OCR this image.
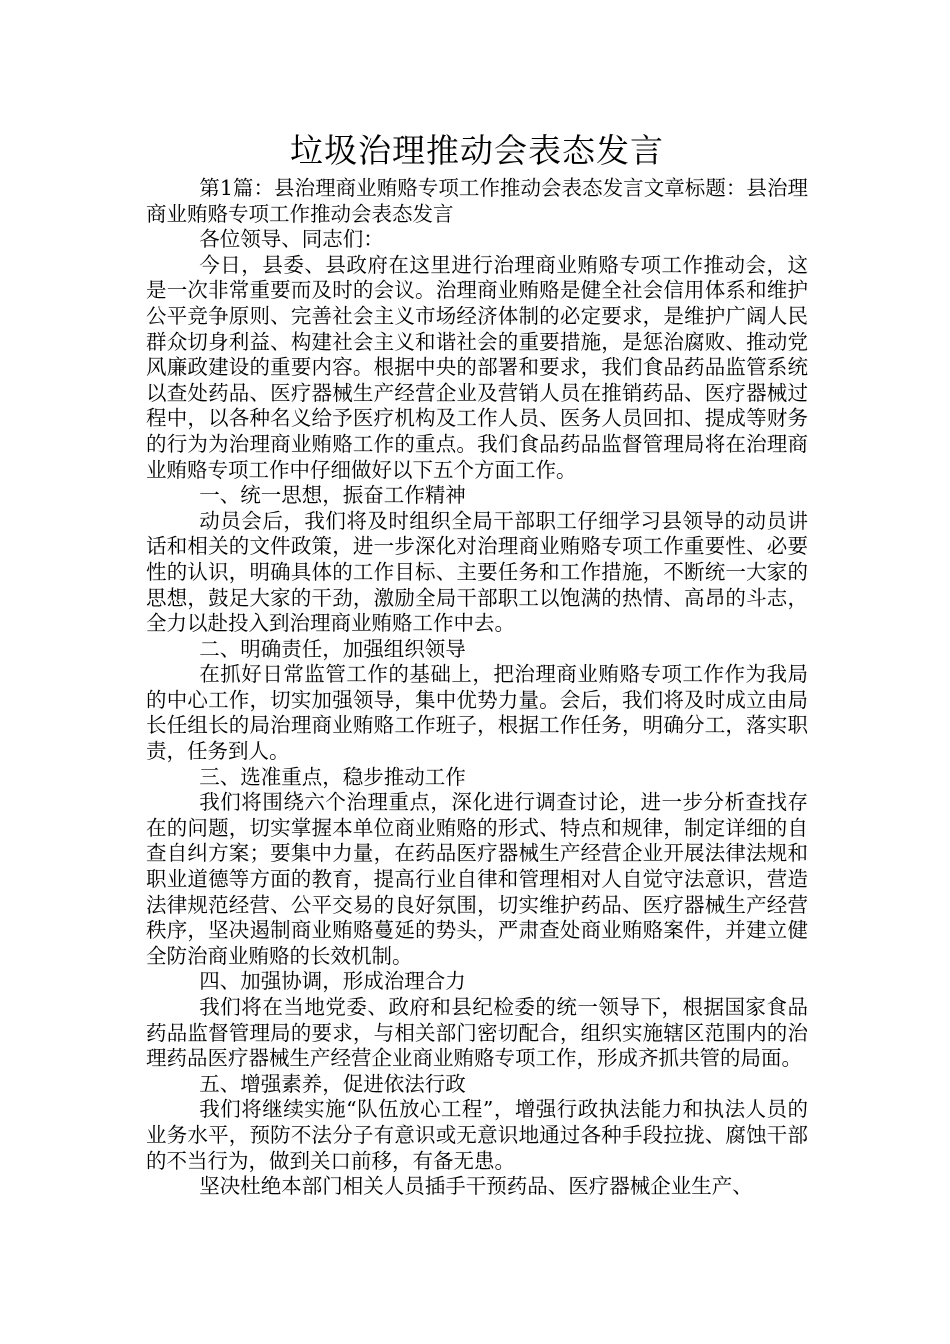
垃圾治理推动会表态发言

第1篇：县治理商业贿赂专项工作推动会表态发言文章标题：县治理商业贿赂专项工作推动会表态发言

各位领导、同志们：

今日，县委、县政府在这里进行治理商业贿赂专项工作推动会，这是一次非常重要而及时的会议。治理商业贿赂是健全社会信用体系和维护公平竞争原则、完善社会主义市场经济体制的必定要求，是维护广阔人民群众切身利益、构建社会主义和谐社会的重要措施，是惩治腐败、推动党风廉政建设的重要内容。根据中央的部署和要求，我们食品药品监管系统以查处药品、医疗器械生产经营企业及营销人员在推销药品、医疗器械过程中，以各种名义给予医疗机构及工作人员、医务人员回扣、提成等财务的行为为治理商业贿赂工作的重点。我们食品药品监督管理局将在治理商业贿赂专项工作中仔细做好以下五个方面工作。

一、统一思想，振奋工作精神

动员会后，我们将及时组织全局干部职工仔细学习县领导的动员讲话和相关的文件政策，进一步深化对治理商业贿赂专项工作重要性、必要性的认识，明确具体的工作目标、主要任务和工作措施，不断统一大家的思想，鼓足大家的干劲，激励全局干部职工以饱满的热情、高昂的斗志，全力以赴投入到治理商业贿赂工作中去。

二、明确责任，加强组织领导

在抓好日常监管工作的基础上，把治理商业贿赂专项工作作为我局的中心工作，切实加强领导，集中优势力量。会后，我们将及时成立由局长任组长的局治理商业贿赂工作班子，根据工作任务，明确分工，落实职责，任务到人。

三、选准重点，稳步推动工作

我们将围绕六个治理重点，深化进行调查讨论，进一步分析查找存在的问题，切实掌握本单位商业贿赂的形式、特点和规律，制定详细的自查自纠方案；要集中力量，在药品医疗器械生产经营企业开展法律法规和职业道德等方面的教育，提高行业自律和管理相对人自觉守法意识，营造法律规范经营、公平交易的良好氛围，切实维护药品、医疗器械生产经营秩序，坚决遏制商业贿赂蔓延的势头，严肃查处商业贿赂案件，并建立健全防治商业贿赂的长效机制。

四、加强协调，形成治理合力

我们将在当地党委、政府和县纪检委的统一领导下，根据国家食品药品监督管理局的要求，与相关部门密切配合，组织实施辖区范围内的治理药品医疗器械生产经营企业商业贿赂专项工作，形成齐抓共管的局面。

五、增强素养，促进依法行政

我们将继续实施“队伍放心工程”，增强行政执法能力和执法人员的业务水平，预防不法分子有意识或无意识地通过各种手段拉拢、腐蚀干部的不当行为，做到关口前移，有备无患。

坚决杜绝本部门相关人员插手干预药品、医疗器械企业生产、
